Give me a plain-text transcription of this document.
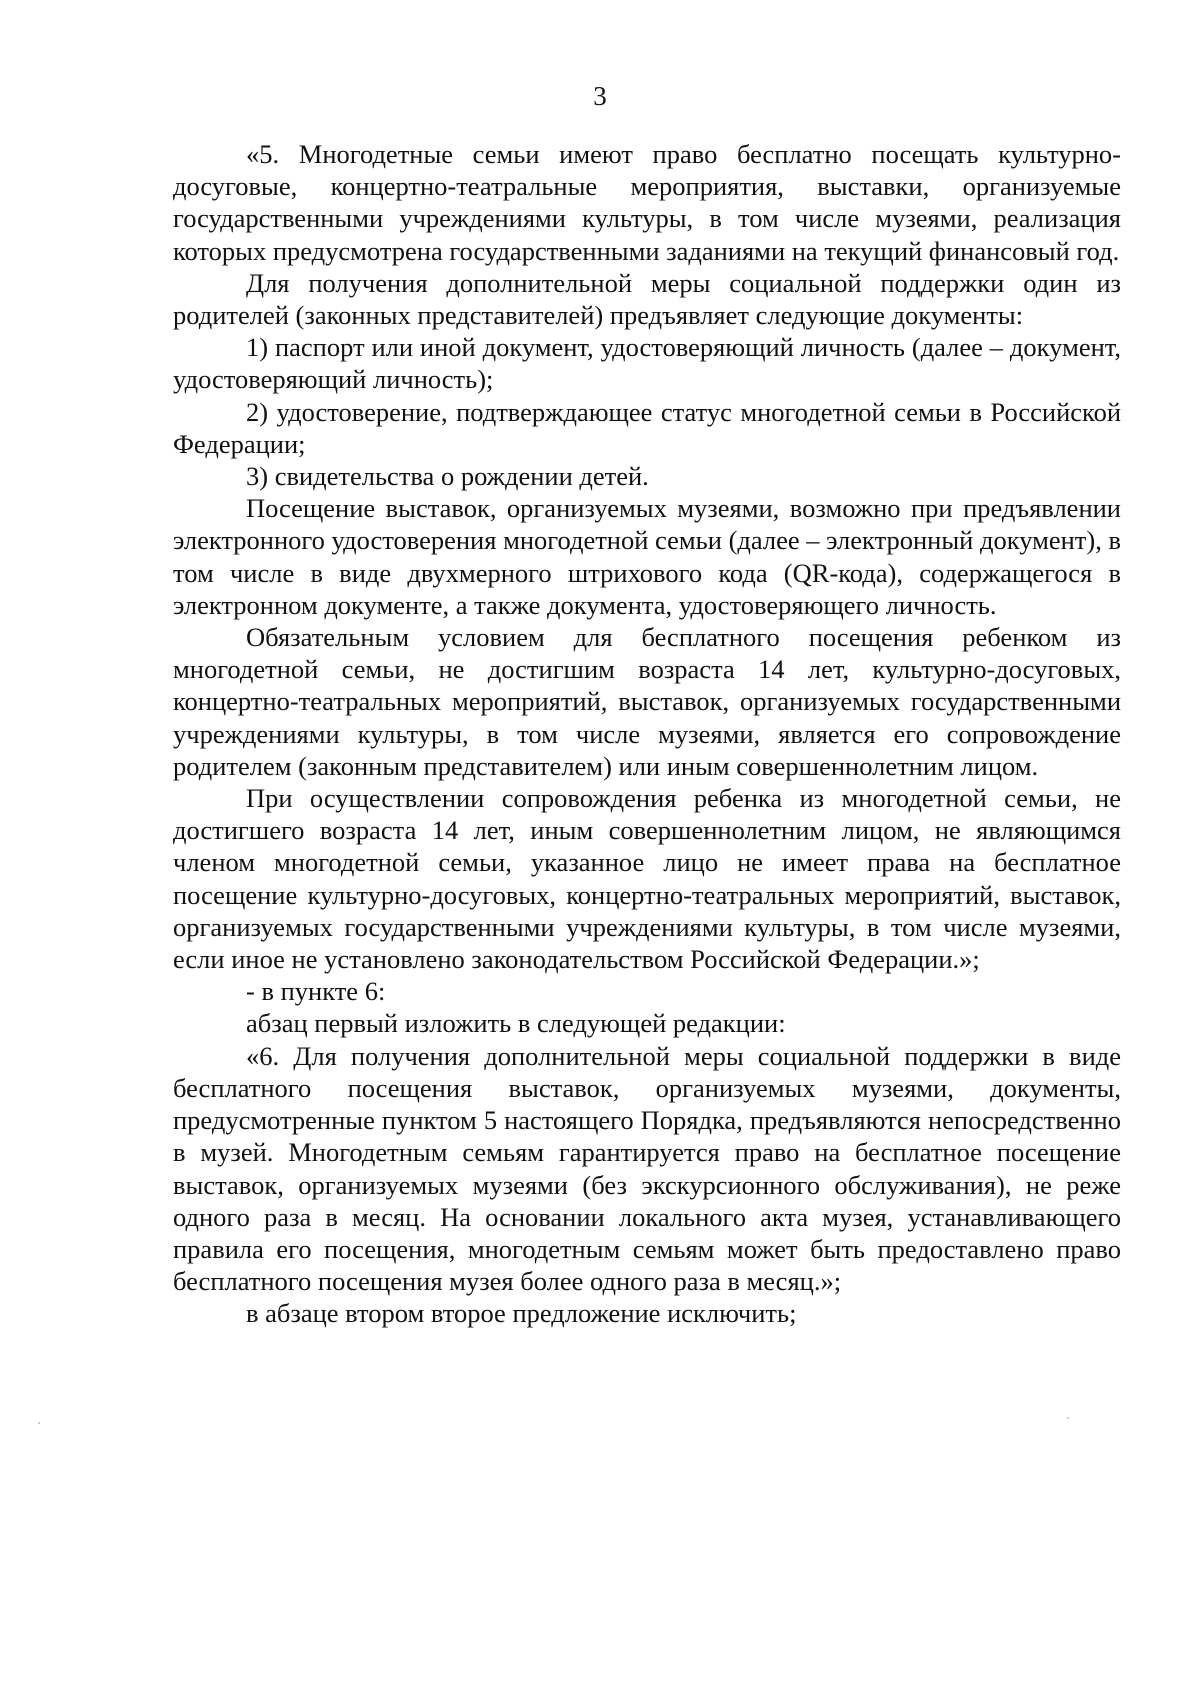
3

«5. Многодетные семьи имеют право бесплатно посещать культурно-досуговые, концертно-театральные мероприятия, выставки, организуемые государственными учреждениями культуры, в том числе музеями, реализация которых предусмотрена государственными заданиями на текущий финансовый год.

Для получения дополнительной меры социальной поддержки один из родителей (законных представителей) предъявляет следующие документы:

1) паспорт или иной документ, удостоверяющий личность (далее – документ, удостоверяющий личность);

2) удостоверение, подтверждающее статус многодетной семьи в Российской Федерации;

3) свидетельства о рождении детей.

Посещение выставок, организуемых музеями, возможно при предъявлении электронного удостоверения многодетной семьи (далее – электронный документ), в том числе в виде двухмерного штрихового кода (QR-кода), содержащегося в электронном документе, а также документа, удостоверяющего личность.

Обязательным условием для бесплатного посещения ребенком из многодетной семьи, не достигшим возраста 14 лет, культурно-досуговых, концертно-театральных мероприятий, выставок, организуемых государственными учреждениями культуры, в том числе музеями, является его сопровождение родителем (законным представителем) или иным совершеннолетним лицом.

При осуществлении сопровождения ребенка из многодетной семьи, не достигшего возраста 14 лет, иным совершеннолетним лицом, не являющимся членом многодетной семьи, указанное лицо не имеет права на бесплатное посещение культурно-досуговых, концертно-театральных мероприятий, выставок, организуемых государственными учреждениями культуры, в том числе музеями, если иное не установлено законодательством Российской Федерации.»;

- в пункте 6:

абзац первый изложить в следующей редакции:

«6. Для получения дополнительной меры социальной поддержки в виде бесплатного посещения выставок, организуемых музеями, документы, предусмотренные пунктом 5 настоящего Порядка, предъявляются непосредственно в музей. Многодетным семьям гарантируется право на бесплатное посещение выставок, организуемых музеями (без экскурсионного обслуживания), не реже одного раза в месяц. На основании локального акта музея, устанавливающего правила его посещения, многодетным семьям может быть предоставлено право бесплатного посещения музея более одного раза в месяц.»;

в абзаце втором второе предложение исключить;
